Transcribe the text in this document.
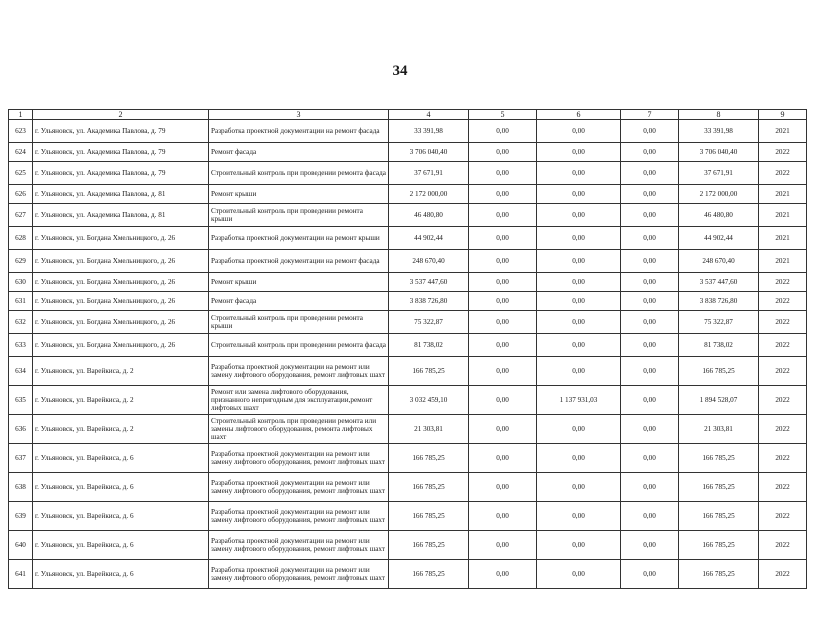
34
1	2	3	4	5	6	7	8	9
623	г. Ульяновск, ул. Академика Павлова, д. 79	Разработка проектной документации на ремонт фасада	33 391,98	0,00	0,00	0,00	33 391,98	2021
624	г. Ульяновск, ул. Академика Павлова, д. 79	Ремонт фасада	3 706 040,40	0,00	0,00	0,00	3 706 040,40	2022
625	г. Ульяновск, ул. Академика Павлова, д. 79	Строительный контроль при проведении ремонта фасада	37 671,91	0,00	0,00	0,00	37 671,91	2022
626	г. Ульяновск, ул. Академика Павлова, д. 81	Ремонт крыши	2 172 000,00	0,00	0,00	0,00	2 172 000,00	2021
627	г. Ульяновск, ул. Академика Павлова, д. 81	Строительный контроль при проведении ремонта крыши	46 480,80	0,00	0,00	0,00	46 480,80	2021
628	г. Ульяновск, ул. Богдана Хмельницкого, д. 26	Разработка проектной документации на ремонт крыши	44 902,44	0,00	0,00	0,00	44 902,44	2021
629	г. Ульяновск, ул. Богдана Хмельницкого, д. 26	Разработка проектной документации на ремонт фасада	248 670,40	0,00	0,00	0,00	248 670,40	2021
630	г. Ульяновск, ул. Богдана Хмельницкого, д. 26	Ремонт крыши	3 537 447,60	0,00	0,00	0,00	3 537 447,60	2022
631	г. Ульяновск, ул. Богдана Хмельницкого, д. 26	Ремонт фасада	3 838 726,80	0,00	0,00	0,00	3 838 726,80	2022
632	г. Ульяновск, ул. Богдана Хмельницкого, д. 26	Строительный контроль при проведении ремонта крыши	75 322,87	0,00	0,00	0,00	75 322,87	2022
633	г. Ульяновск, ул. Богдана Хмельницкого, д. 26	Строительный контроль при проведении ремонта фасада	81 738,02	0,00	0,00	0,00	81 738,02	2022
634	г. Ульяновск, ул. Варейкиса, д. 2	Разработка проектной документации на ремонт или замену лифтового оборудования, ремонт лифтовых шахт	166 785,25	0,00	0,00	0,00	166 785,25	2022
635	г. Ульяновск, ул. Варейкиса, д. 2	Ремонт или замена лифтового оборудования, признанного непригодным для эксплуатации,ремонт лифтовых шахт	3 032 459,10	0,00	1 137 931,03	0,00	1 894 528,07	2022
636	г. Ульяновск, ул. Варейкиса, д. 2	Строительный контроль при проведении ремонта или замены лифтового оборудования, ремонта лифтовых шахт	21 303,81	0,00	0,00	0,00	21 303,81	2022
637	г. Ульяновск, ул. Варейкиса, д. 6	Разработка проектной документации на ремонт или замену лифтового оборудования, ремонт лифтовых шахт	166 785,25	0,00	0,00	0,00	166 785,25	2022
638	г. Ульяновск, ул. Варейкиса, д. 6	Разработка проектной документации на ремонт или замену лифтового оборудования, ремонт лифтовых шахт	166 785,25	0,00	0,00	0,00	166 785,25	2022
639	г. Ульяновск, ул. Варейкиса, д. 6	Разработка проектной документации на ремонт или замену лифтового оборудования, ремонт лифтовых шахт	166 785,25	0,00	0,00	0,00	166 785,25	2022
640	г. Ульяновск, ул. Варейкиса, д. 6	Разработка проектной документации на ремонт или замену лифтового оборудования, ремонт лифтовых шахт	166 785,25	0,00	0,00	0,00	166 785,25	2022
641	г. Ульяновск, ул. Варейкиса, д. 6	Разработка проектной документации на ремонт или замену лифтового оборудования, ремонт лифтовых шахт	166 785,25	0,00	0,00	0,00	166 785,25	2022
